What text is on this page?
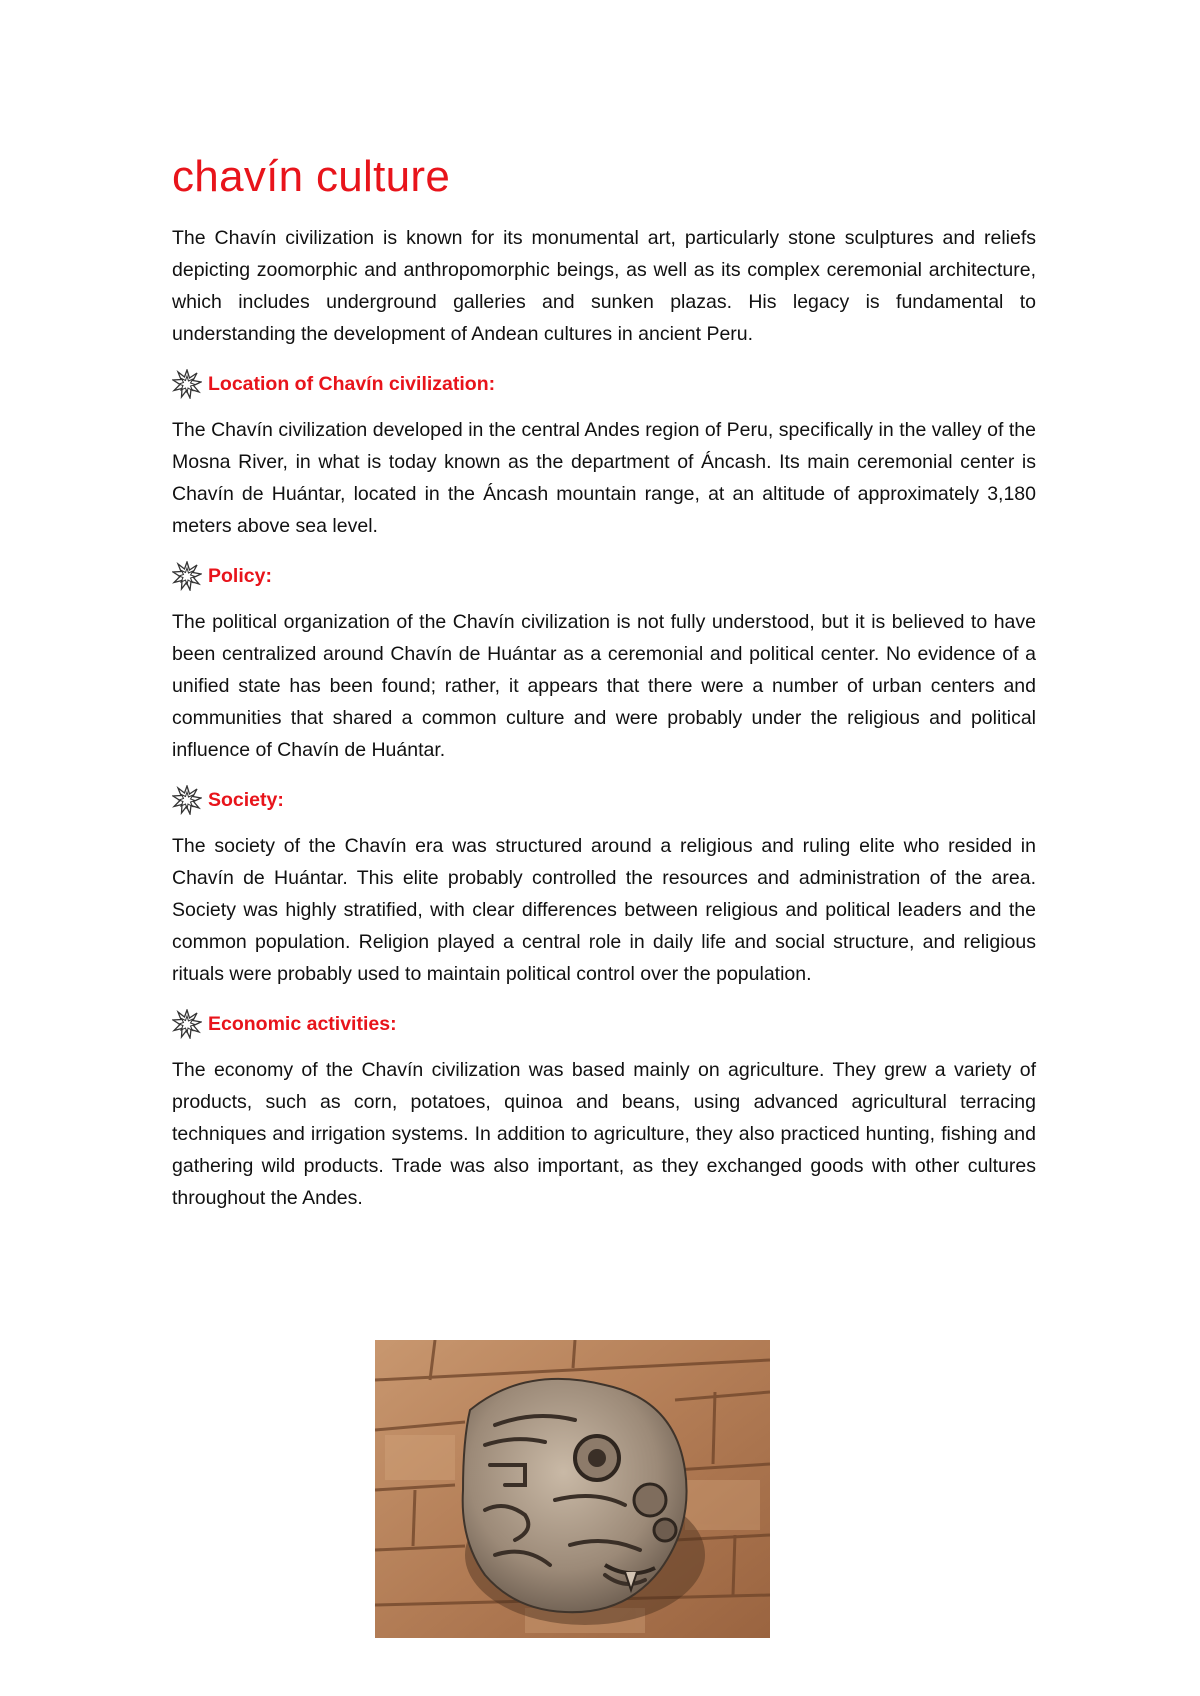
chavín culture

The Chavín civilization is known for its monumental art, particularly stone sculptures and reliefs depicting zoomorphic and anthropomorphic beings, as well as its complex ceremonial architecture, which includes underground galleries and sunken plazas. His legacy is fundamental to understanding the development of Andean cultures in ancient Peru.

Location of Chavín civilization:

The Chavín civilization developed in the central Andes region of Peru, specifically in the valley of the Mosna River, in what is today known as the department of Áncash. Its main ceremonial center is Chavín de Huántar, located in the Áncash mountain range, at an altitude of approximately 3,180 meters above sea level.

Policy:

The political organization of the Chavín civilization is not fully understood, but it is believed to have been centralized around Chavín de Huántar as a ceremonial and political center. No evidence of a unified state has been found; rather, it appears that there were a number of urban centers and communities that shared a common culture and were probably under the religious and political influence of Chavín de Huántar.

Society:

The society of the Chavín era was structured around a religious and ruling elite who resided in Chavín de Huántar. This elite probably controlled the resources and administration of the area. Society was highly stratified, with clear differences between religious and political leaders and the common population. Religion played a central role in daily life and social structure, and religious rituals were probably used to maintain political control over the population.

Economic activities:

The economy of the Chavín civilization was based mainly on agriculture. They grew a variety of products, such as corn, potatoes, quinoa and beans, using advanced agricultural terracing techniques and irrigation systems. In addition to agriculture, they also practiced hunting, fishing and gathering wild products. Trade was also important, as they exchanged goods with other cultures throughout the Andes.
